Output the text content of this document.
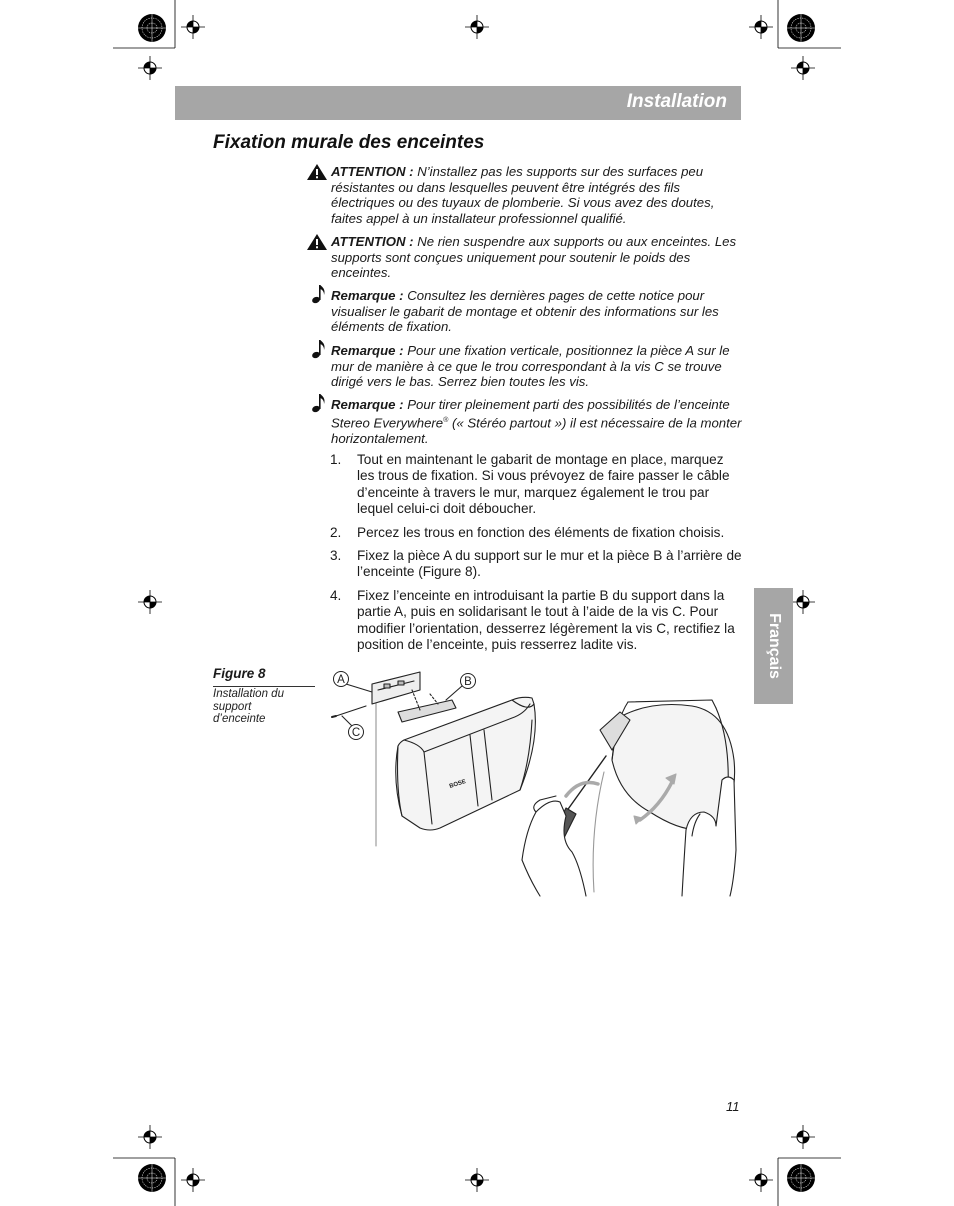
Installation
Fixation murale des enceintes
ATTENTION : N’installez pas les supports sur des surfaces peu résistantes ou dans lesquelles peuvent être intégrés des fils électriques ou des tuyaux de plomberie. Si vous avez des doutes, faites appel à un installateur professionnel qualifié.
ATTENTION : Ne rien suspendre aux supports ou aux enceintes. Les supports sont conçues uniquement pour soutenir le poids des enceintes.
Remarque : Consultez les dernières pages de cette notice pour visualiser le gabarit de montage et obtenir des informations sur les éléments de fixation.
Remarque : Pour une fixation verticale, positionnez la pièce A sur le mur de manière à ce que le trou correspondant à la vis C se trouve dirigé vers le bas. Serrez bien toutes les vis.
Remarque : Pour tirer pleinement parti des possibilités de l’enceinte Stereo Everywhere® (« Stéréo partout ») il est nécessaire de la monter horizontalement.
1. Tout en maintenant le gabarit de montage en place, marquez les trous de fixation. Si vous prévoyez de faire passer le câble d’enceinte à travers le mur, marquez également le trou par lequel celui-ci doit déboucher.
2. Percez les trous en fonction des éléments de fixation choisis.
3. Fixez la pièce A du support sur le mur et la pièce B à l’arrière de l’enceinte (Figure 8).
4. Fixez l’enceinte en introduisant la partie B du support dans la partie A, puis en solidarisant le tout à l’aide de la vis C. Pour modifier l’orientation, desserrez légèrement la vis C, rectifiez la position de l’enceinte, puis resserrez ladite vis.
Figure 8
Installation du support d’enceinte
BOSE
A	B
C
Français
11
